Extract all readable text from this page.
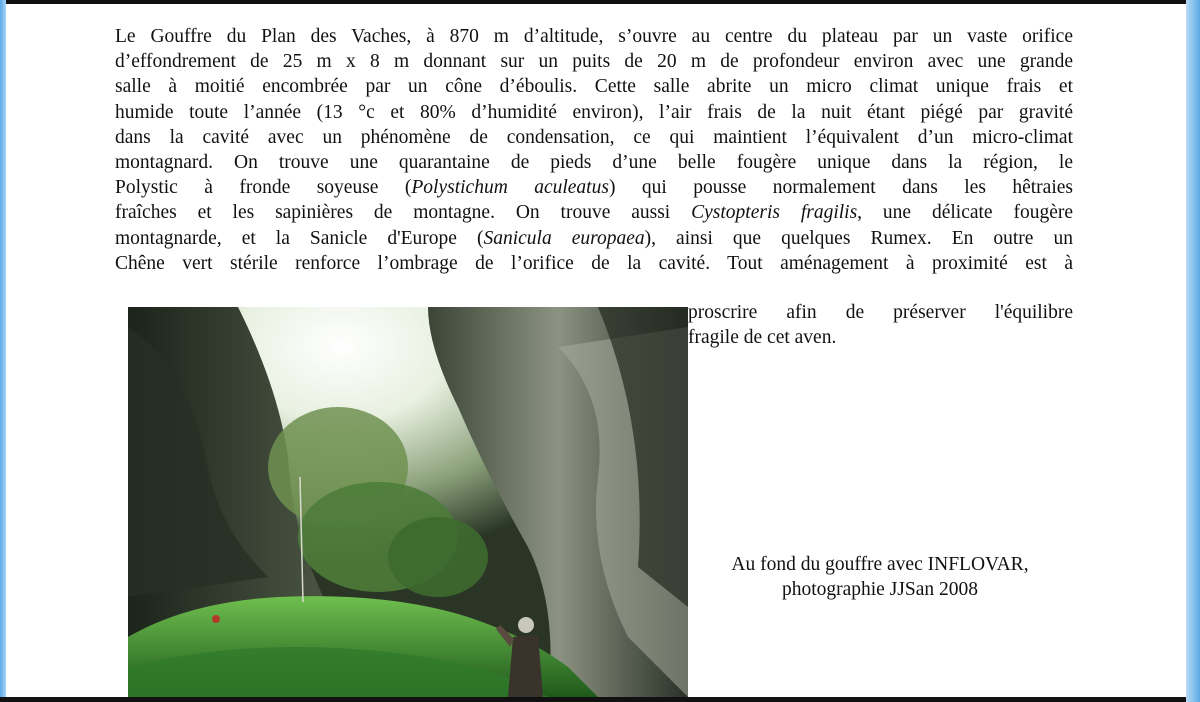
Le Gouffre du Plan des Vaches, à 870 m d’altitude, s’ouvre au centre du plateau par un vaste orifice
d’effondrement de 25 m x 8 m donnant sur un puits de 20 m de profondeur environ avec une grande
salle à moitié encombrée par un cône d’éboulis. Cette salle abrite un micro climat unique frais et
humide toute l’année (13 °c et 80% d’humidité environ), l’air frais de la nuit étant piégé par gravité
dans la cavité avec un phénomène de condensation, ce qui maintient l’équivalent d’un micro-climat
montagnard. On trouve une quarantaine de pieds d’une belle fougère unique dans la région, le
Polystic à fronde soyeuse (Polystichum aculeatus) qui pousse normalement dans les hêtraies
fraîches et les sapinières de montagne. On trouve aussi Cystopteris fragilis, une délicate fougère
montagnarde, et la Sanicle d'Europe (Sanicula europaea), ainsi que quelques Rumex. En outre un
Chêne vert stérile renforce l’ombrage de l’orifice de la cavité. Tout aménagement à proximité est à
proscrire afin de préserver l'équilibre
fragile de cet aven.
Au fond du gouffre avec INFLOVAR,
photographie JJSan 2008
